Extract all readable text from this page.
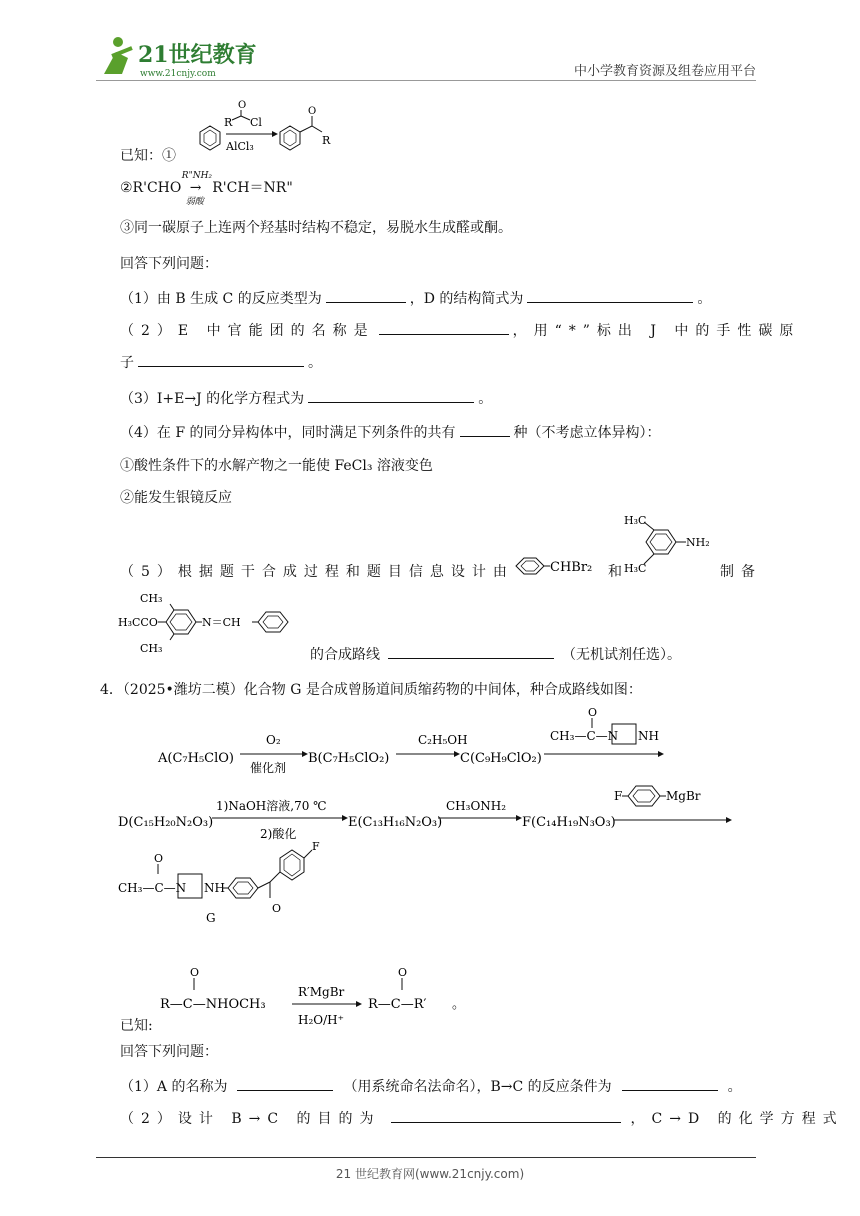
21世纪教育
www.21cnjy.com	中小学教育资源及组卷应用平台
已知：①
O
R Cl
AlCl₃
O
R
②R'CHO
R"NH₂
→
弱酸
R'CH＝NR"
③同一碳原子上连两个羟基时结构不稳定，易脱水生成醛或酮。
回答下列问题：
（1）由 B 生成 C 的反应类型为	，D 的结构简式为	。
（2）E 中官能团的名称是	，用“*”标出 J 中的手性碳原
子	。
（3）I+E→J 的化学方程式为	。
（4）在 F 的同分异构体中，同时满足下列条件的共有	种（不考虑立体异构）：
①酸性条件下的水解产物之一能使 FeCl₃ 溶液变色
②能发生银镜反应
（5）根据题干合成过程和题目信息设计由	CHBr₂ 和
H₃C
NH₂
H₃C	制备
CH₃
H₃CCO
CH₃
N＝CH
的合成路线	（无机试剂任选）。
4．（2025•潍坊二模）化合物 G 是合成曾肠道间质缩药物的中间体，种合成路线如图：
A(C₇H₅ClO)
O₂
催化剂
B(C₇H₅ClO₂)
C₂H₅OH
C(C₉H₉ClO₂)
O
CH₃—C—N NH
D(C₁₅H₂₀N₂O₃)
1)NaOH溶液,70 ℃
2)酸化
E(C₁₃H₁₆N₂O₃)
CH₃ONH₂
F(C₁₄H₁₉N₃O₃)
F	MgBr
O
CH₃—C—N NH
O
F
G
已知:
O
R—C—NHOCH₃
R′MgBr
H₂O/H⁺
O
R—C—R′ 。
回答下列问题：
（1）A 的名称为	（用系统命名法命名），B→C 的反应条件为	。
（2）设计 B→C 的目的为	，C→D 的化学方程式
21 世纪教育网(www.21cnjy.com)
